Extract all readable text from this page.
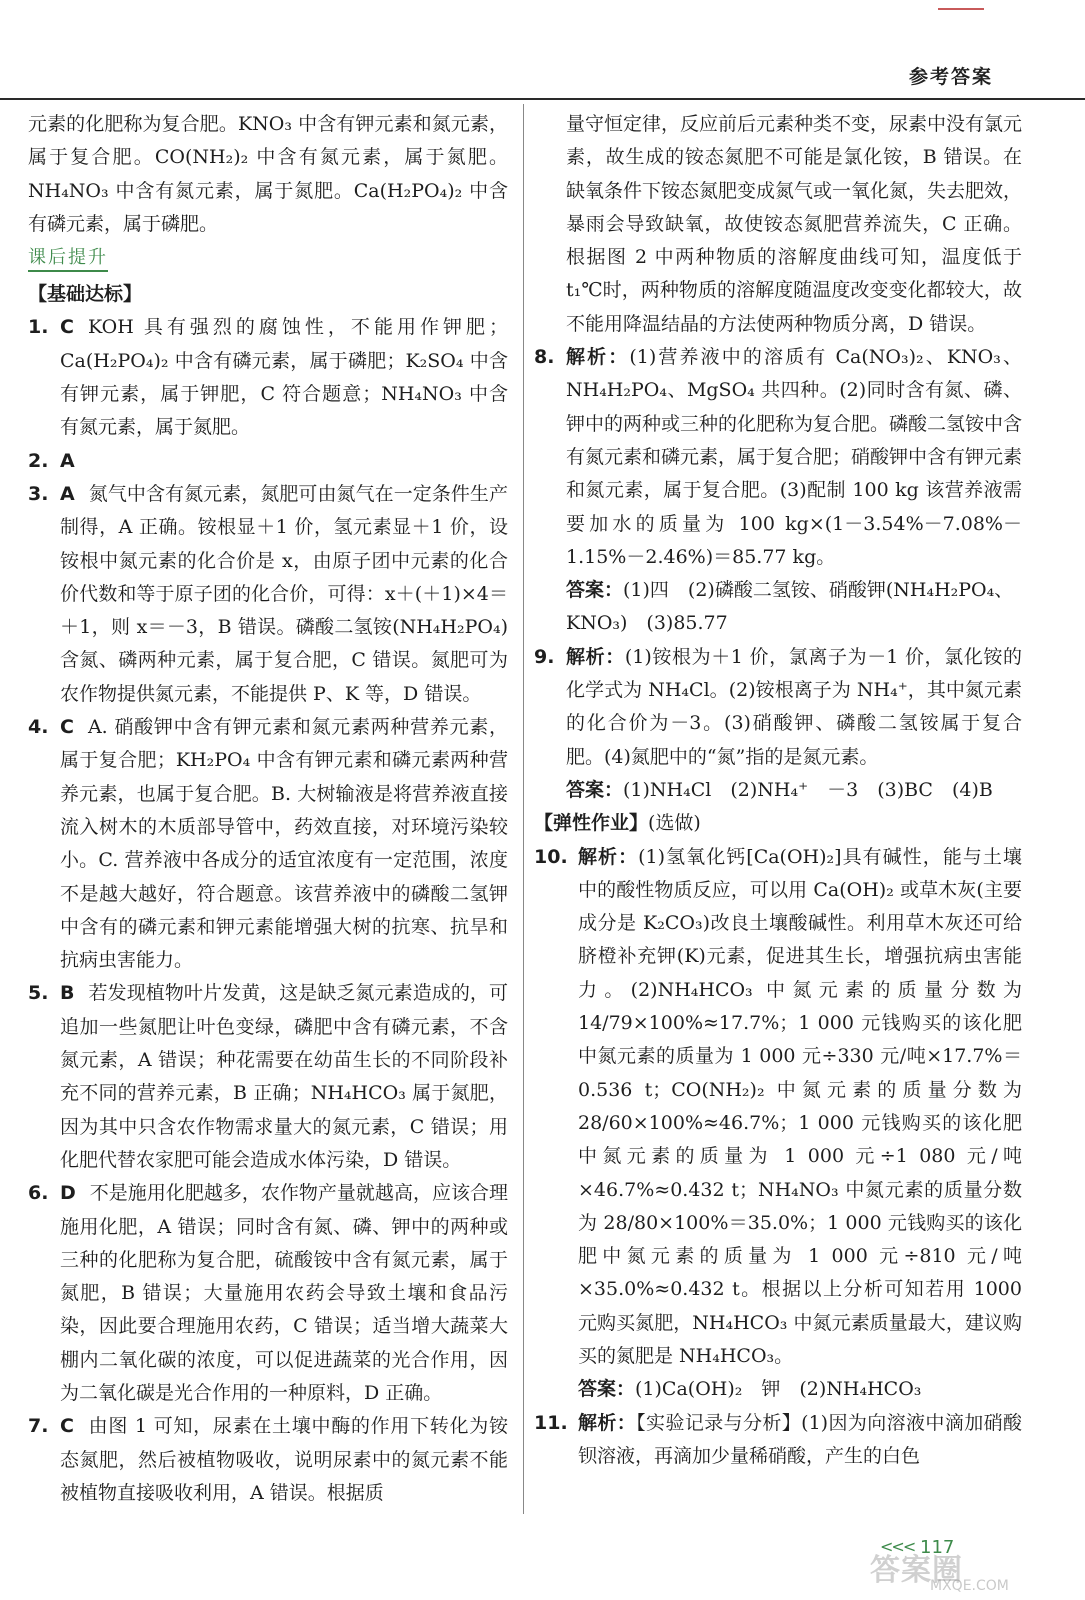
参考答案

元素的化肥称为复合肥。KNO₃ 中含有钾元素和氮元素，属于复合肥。CO(NH₂)₂ 中含有氮元素，属于氮肥。NH₄NO₃ 中含有氮元素，属于氮肥。Ca(H₂PO₄)₂ 中含有磷元素，属于磷肥。

课后提升
【基础达标】
1. C KOH 具有强烈的腐蚀性，不能用作钾肥；Ca(H₂PO₄)₂ 中含有磷元素，属于磷肥；K₂SO₄ 中含有钾元素，属于钾肥，C 符合题意；NH₄NO₃ 中含有氮元素，属于氮肥。
2. A
3. A 氮气中含有氮元素，氮肥可由氮气在一定条件生产制得，A 正确。铵根显＋1 价，氢元素显＋1 价，设铵根中氮元素的化合价是 x，由原子团中元素的化合价代数和等于原子团的化合价，可得：x＋(＋1)×4＝＋1，则 x＝－3，B 错误。磷酸二氢铵(NH₄H₂PO₄)含氮、磷两种元素，属于复合肥，C 错误。氮肥可为农作物提供氮元素，不能提供 P、K 等，D 错误。
4. C A. 硝酸钾中含有钾元素和氮元素两种营养元素，属于复合肥；KH₂PO₄ 中含有钾元素和磷元素两种营养元素，也属于复合肥。B. 大树输液是将营养液直接流入树木的木质部导管中，药效直接，对环境污染较小。C. 营养液中各成分的适宜浓度有一定范围，浓度不是越大越好，符合题意。该营养液中的磷酸二氢钾中含有的磷元素和钾元素能增强大树的抗寒、抗旱和抗病虫害能力。
5. B 若发现植物叶片发黄，这是缺乏氮元素造成的，可追加一些氮肥让叶色变绿，磷肥中含有磷元素，不含氮元素，A 错误；种花需要在幼苗生长的不同阶段补充不同的营养元素，B 正确；NH₄HCO₃ 属于氮肥，因为其中只含农作物需求量大的氮元素，C 错误；用化肥代替农家肥可能会造成水体污染，D 错误。
6. D 不是施用化肥越多，农作物产量就越高，应该合理施用化肥，A 错误；同时含有氮、磷、钾中的两种或三种的化肥称为复合肥，硫酸铵中含有氮元素，属于氮肥，B 错误；大量施用农药会导致土壤和食品污染，因此要合理施用农药，C 错误；适当增大蔬菜大棚内二氧化碳的浓度，可以促进蔬菜的光合作用，因为二氧化碳是光合作用的一种原料，D 正确。
7. C 由图 1 可知，尿素在土壤中酶的作用下转化为铵态氮肥，然后被植物吸收，说明尿素中的氮元素不能被植物直接吸收利用，A 错误。根据质

量守恒定律，反应前后元素种类不变，尿素中没有氯元素，故生成的铵态氮肥不可能是氯化铵，B 错误。在缺氧条件下铵态氮肥变成氮气或一氧化氮，失去肥效，暴雨会导致缺氧，故使铵态氮肥营养流失，C 正确。根据图 2 中两种物质的溶解度曲线可知，温度低于 t₁℃时，两种物质的溶解度随温度改变变化都较大，故不能用降温结晶的方法使两种物质分离，D 错误。

8. 解析：(1)营养液中的溶质有 Ca(NO₃)₂、KNO₃、NH₄H₂PO₄、MgSO₄ 共四种。(2)同时含有氮、磷、钾中的两种或三种的化肥称为复合肥。磷酸二氢铵中含有氮元素和磷元素，属于复合肥；硝酸钾中含有钾元素和氮元素，属于复合肥。(3)配制 100 kg 该营养液需要加水的质量为 100 kg×(1－3.54%－7.08%－1.15%－2.46%)＝85.77 kg。
答案：(1)四　(2)磷酸二氢铵、硝酸钾(NH₄H₂PO₄、KNO₃)　(3)85.77
9. 解析：(1)铵根为＋1 价，氯离子为－1 价，氯化铵的化学式为 NH₄Cl。(2)铵根离子为 NH₄⁺，其中氮元素的化合价为－3。(3)硝酸钾、磷酸二氢铵属于复合肥。(4)氮肥中的“氮”指的是氮元素。
答案：(1)NH₄Cl　(2)NH₄⁺　－3　(3)BC　(4)B
【弹性作业】(选做)
10. 解析：(1)氢氧化钙[Ca(OH)₂]具有碱性，能与土壤中的酸性物质反应，可以用 Ca(OH)₂ 或草木灰(主要成分是 K₂CO₃)改良土壤酸碱性。利用草木灰还可给脐橙补充钾(K)元素，促进其生长，增强抗病虫害能力。(2)NH₄HCO₃ 中氮元素的质量分数为 14/79×100%≈17.7%；1 000 元钱购买的该化肥中氮元素的质量为 1 000 元÷330 元/吨×17.7%＝0.536 t；CO(NH₂)₂ 中氮元素的质量分数为 28/60×100%≈46.7%；1 000 元钱购买的该化肥中氮元素的质量为 1 000 元÷1 080 元/吨×46.7%≈0.432 t；NH₄NO₃ 中氮元素的质量分数为 28/80×100%＝35.0%；1 000 元钱购买的该化肥中氮元素的质量为 1 000 元÷810 元/吨×35.0%≈0.432 t。根据以上分析可知若用 1000 元购买氮肥，NH₄HCO₃ 中氮元素质量最大，建议购买的氮肥是 NH₄HCO₃。
答案：(1)Ca(OH)₂　钾　(2)NH₄HCO₃
11. 解析：【实验记录与分析】(1)因为向溶液中滴加硝酸钡溶液，再滴加少量稀硝酸，产生的白色
<<< 117
答案圈
MXQE.COM
